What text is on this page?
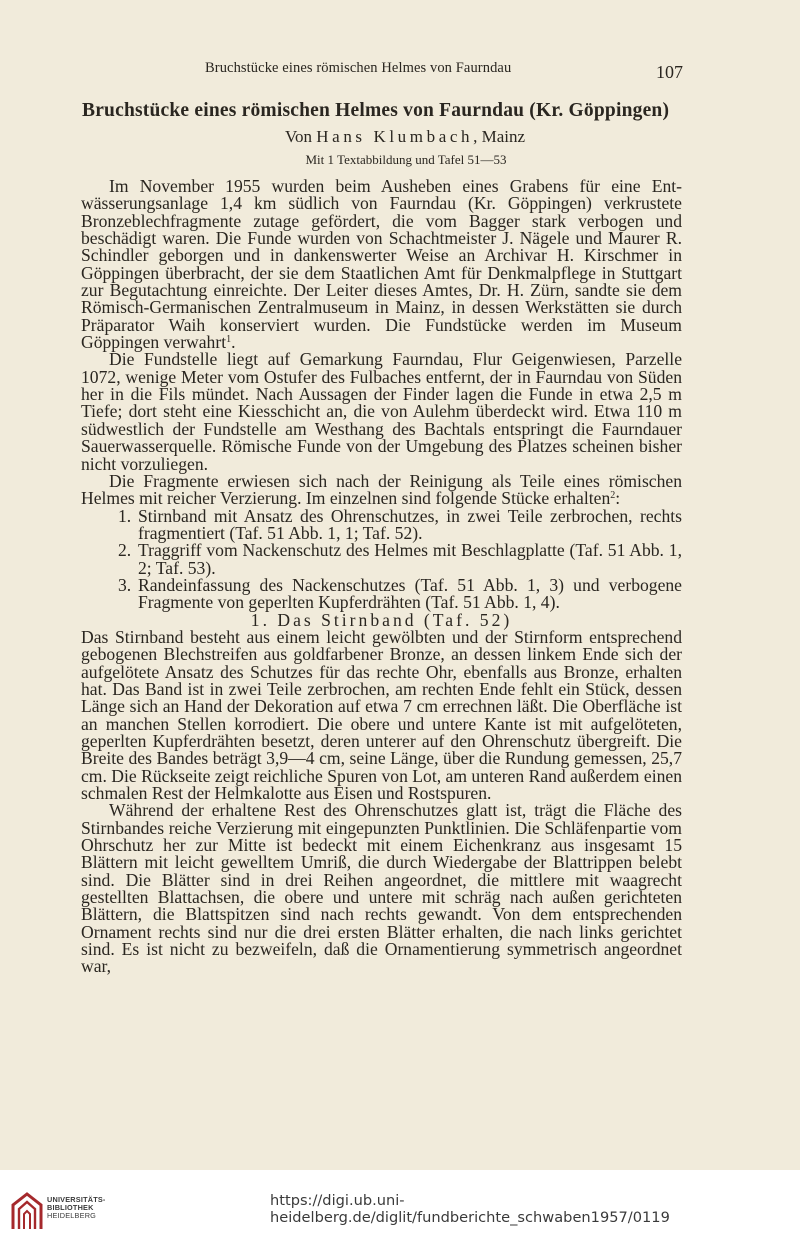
Bruchstücke eines römischen Helmes von Faurndau	107
Bruchstücke eines römischen Helmes von Faurndau (Kr. Göppingen)
Von Hans Klumbach, Mainz
Mit 1 Textabbildung und Tafel 51—53

Im November 1955 wurden beim Ausheben eines Grabens für eine Entwässerungsanlage 1,4 km südlich von Faurndau (Kr. Göppingen) verkrustete Bronzeblechfragmente zutage gefördert, die vom Bagger stark verbogen und beschädigt waren. Die Funde wurden von Schachtmeister J. Nägele und Maurer R. Schindler geborgen und in dankenswerter Weise an Archivar H. Kirschmer in Göppingen überbracht, der sie dem Staatlichen Amt für Denkmalpflege in Stuttgart zur Begutachtung einreichte. Der Leiter dieses Amtes, Dr. H. Zürn, sandte sie dem Römisch-Germanischen Zentralmuseum in Mainz, in dessen Werkstätten sie durch Präparator Waih konserviert wurden. Die Fundstücke werden im Museum Göppingen verwahrt$^1$.

Die Fundstelle liegt auf Gemarkung Faurndau, Flur Geigenwiesen, Parzelle 1072, wenige Meter vom Ostufer des Fulbaches entfernt, der in Faurndau von Süden her in die Fils mündet. Nach Aussagen der Finder lagen die Funde in etwa 2,5 m Tiefe; dort steht eine Kiesschicht an, die von Aulehm überdeckt wird. Etwa 110 m südwestlich der Fundstelle am Westhang des Bachtals entspringt die Faurndauer Sauerwasserquelle. Römische Funde von der Umgebung des Platzes scheinen bisher nicht vorzuliegen.

Die Fragmente erwiesen sich nach der Reinigung als Teile eines römischen Helmes mit reicher Verzierung. Im einzelnen sind folgende Stücke erhalten$^2$:

1. Stirnband mit Ansatz des Ohrenschutzes, in zwei Teile zerbrochen, rechts fragmentiert (Taf. 51 Abb. 1, 1; Taf. 52).
2. Traggriff vom Nackenschutz des Helmes mit Beschlagplatte (Taf. 51 Abb. 1, 2; Taf. 53).
3. Randeinfassung des Nackenschutzes (Taf. 51 Abb. 1, 3) und verbogene Fragmente von geperlten Kupferdrähten (Taf. 51 Abb. 1, 4).

1. Das Stirnband (Taf. 52)

Das Stirnband besteht aus einem leicht gewölbten und der Stirnform entsprechend gebogenen Blechstreifen aus goldfarbener Bronze, an dessen linkem Ende sich der aufgelötete Ansatz des Schutzes für das rechte Ohr, ebenfalls aus Bronze, erhalten hat. Das Band ist in zwei Teile zerbrochen, am rechten Ende fehlt ein Stück, dessen Länge sich an Hand der Dekoration auf etwa 7 cm errechnen läßt. Die Oberfläche ist an manchen Stellen korrodiert. Die obere und untere Kante ist mit aufgelöteten, geperlten Kupferdrähten besetzt, deren unterer auf den Ohrenschutz übergreift. Die Breite des Bandes beträgt 3,9—4 cm, seine Länge, über die Rundung gemessen, 25,7 cm. Die Rückseite zeigt reichliche Spuren von Lot, am unteren Rand außerdem einen schmalen Rest der Helmkalotte aus Eisen und Rostspuren.

Während der erhaltene Rest des Ohrenschutzes glatt ist, trägt die Fläche des Stirnbandes reiche Verzierung mit eingepunzten Punktlinien. Die Schläfenpartie vom Ohrschutz her zur Mitte ist bedeckt mit einem Eichenkranz aus insgesamt 15 Blättern mit leicht gewelltem Umriß, die durch Wiedergabe der Blattrippen belebt sind. Die Blätter sind in drei Reihen angeordnet, die mittlere mit waagrecht gestellten Blattachsen, die obere und untere mit schräg nach außen gerichteten Blättern, die Blattspitzen sind nach rechts gewandt. Von dem entsprechenden Ornament rechts sind nur die drei ersten Blätter erhalten, die nach links gerichtet sind. Es ist nicht zu bezweifeln, daß die Ornamentierung symmetrisch angeordnet war,

UNIVERSITÄTS-
BIBLIOTHEK
HEIDELBERG
https://digi.ub.uni-heidelberg.de/diglit/fundberichte_schwaben1957/0119
